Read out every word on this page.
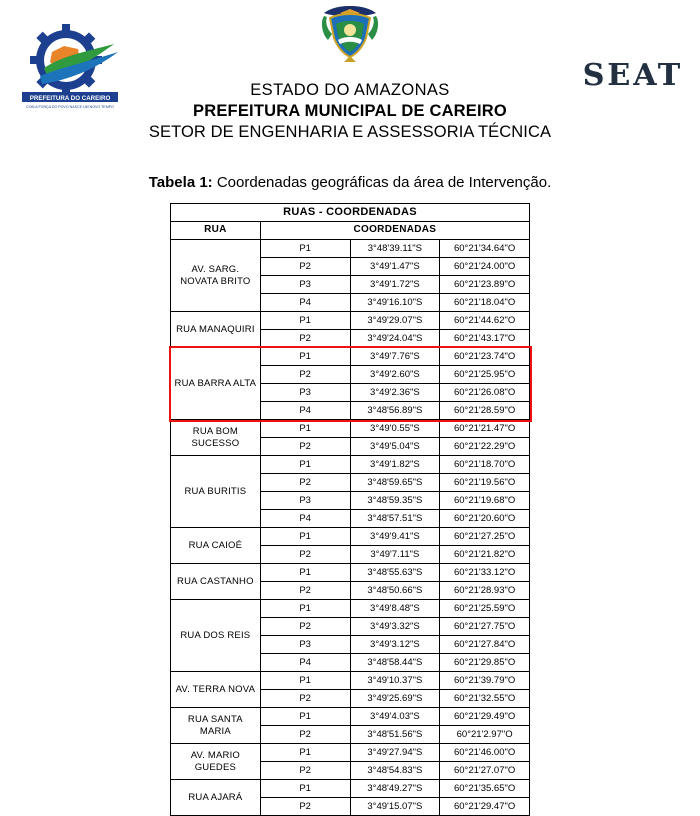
PREFEITURA DO CAREIRO
COM A FORÇA DO POVO NASCE UM NOVO TEMPO
SEAT
ESTADO DO AMAZONAS
PREFEITURA MUNICIPAL DE CAREIRO
SETOR DE ENGENHARIA E ASSESSORIA TÉCNICA
Tabela 1: Coordenadas geográficas da área de Intervenção.
RUAS - COORDENADAS			
RUA	COORDENADAS		
AV. SARG. NOVATA BRITO	P1	3°48'39.11"S	60°21'34.64"O
	P2	3°49'1.47"S	60°21'24.00"O
	P3	3°49'1.72"S	60°21'23.89"O
	P4	3°49'16.10"S	60°21'18.04"O
RUA MANAQUIRI	P1	3°49'29.07"S	60°21'44.62"O
	P2	3°49'24.04"S	60°21'43.17"O
RUA BARRA ALTA	P1	3°49'7.76"S	60°21'23.74"O
	P2	3°49'2.60"S	60°21'25.95"O
	P3	3°49'2.36"S	60°21'26.08"O
	P4	3°48'56.89"S	60°21'28.59"O
RUA BOM SUCESSO	P1	3°49'0.55"S	60°21'21.47"O
	P2	3°49'5.04"S	60°21'22.29"O
RUA BURITIS	P1	3°49'1.82"S	60°21'18.70"O
	P2	3°48'59.65"S	60°21'19.56"O
	P3	3°48'59.35"S	60°21'19.68"O
	P4	3°48'57.51"S	60°21'20.60"O
RUA CAIOÉ	P1	3°49'9.41"S	60°21'27.25"O
	P2	3°49'7.11"S	60°21'21.82"O
RUA CASTANHO	P1	3°48'55.63"S	60°21'33.12"O
	P2	3°48'50.66"S	60°21'28.93"O
RUA DOS REIS	P1	3°49'8.48"S	60°21'25.59"O
	P2	3°49'3.32"S	60°21'27.75"O
	P3	3°49'3.12"S	60°21'27.84"O
	P4	3°48'58.44"S	60°21'29.85"O
AV. TERRA NOVA	P1	3°49'10.37"S	60°21'39.79"O
	P2	3°49'25.69"S	60°21'32.55"O
RUA SANTA MARIA	P1	3°49'4.03"S	60°21'29.49"O
	P2	3°48'51.56"S	60°21'2.97"O
AV. MARIO GUEDES	P1	3°49'27.94"S	60°21'46.00"O
	P2	3°48'54.83"S	60°21'27.07"O
RUA AJARÁ	P1	3°48'49.27"S	60°21'35.65"O
	P2	3°49'15.07"S	60°21'29.47"O
